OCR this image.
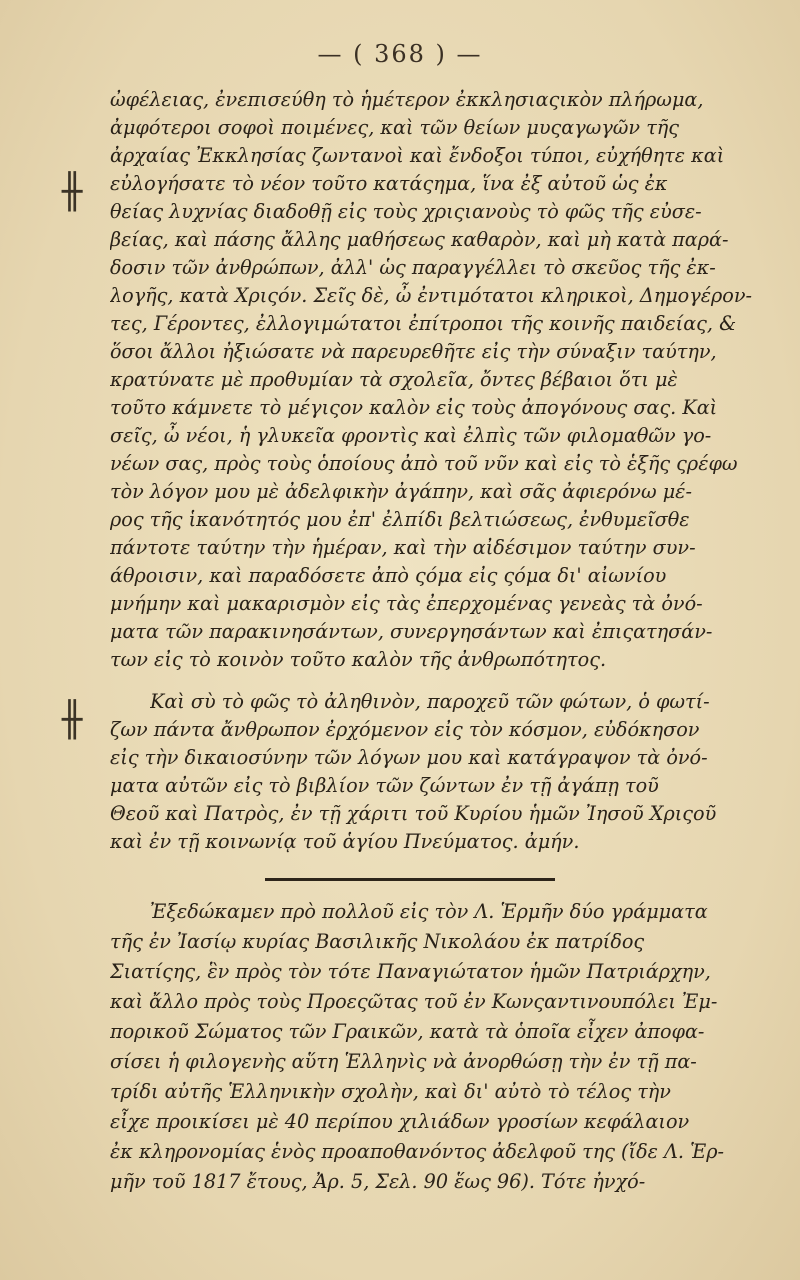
— ( 368 ) —
╫
╫
ὠφέλειας, ἐνεπισεύθη τὸ ἡμέτερον ἐκκλησιαςικὸν πλήρωμα,
ἀμφότεροι σοφοὶ ποιμένες, καὶ τῶν θείων μυςαγωγῶν τῆς
ἀρχαίας Ἐκκλησίας ζωντανοὶ καὶ ἔνδοξοι τύποι, εὐχήθητε καὶ
εὐλογήσατε τὸ νέον τοῦτο κατάςημα, ἵνα ἐξ αὐτοῦ ὡς ἐκ
θείας λυχνίας διαδοθῇ εἰς τοὺς χριςιανοὺς τὸ φῶς τῆς εὐσε-
βείας, καὶ πάσης ἄλλης μαθήσεως καθαρὸν, καὶ μὴ κατὰ παρά-
δοσιν τῶν ἀνθρώπων, ἀλλ' ὡς παραγγέλλει τὸ σκεῦος τῆς ἐκ-
λογῆς, κατὰ Χριςόν. Σεῖς δὲ, ὦ ἐντιμότατοι κληρικοὶ, Δημογέρον-
τες, Γέροντες, ἐλλογιμώτατοι ἐπίτροποι τῆς κοινῆς παιδείας, &
ὅσοι ἄλλοι ἠξιώσατε νὰ παρευρεθῆτε εἰς τὴν σύναξιν ταύτην,
κρατύνατε μὲ προθυμίαν τὰ σχολεῖα, ὄντες βέβαιοι ὅτι μὲ
τοῦτο κάμνετε τὸ μέγιςον καλὸν εἰς τοὺς ἀπογόνους σας. Καὶ
σεῖς, ὦ νέοι, ἡ γλυκεῖα φροντὶς καὶ ἐλπὶς τῶν φιλομαθῶν γο-
νέων σας, πρὸς τοὺς ὁποίους ἀπὸ τοῦ νῦν καὶ εἰς τὸ ἑξῆς ςρέφω
τὸν λόγον μου μὲ ἀδελφικὴν ἀγάπην, καὶ σᾶς ἀφιερόνω μέ-
ρος τῆς ἱκανότητός μου ἐπ' ἐλπίδι βελτιώσεως, ἐνθυμεῖσθε
πάντοτε ταύτην τὴν ἡμέραν, καὶ τὴν αἰδέσιμον ταύτην συν-
άθροισιν, καὶ παραδόσετε ἀπὸ ςόμα εἰς ςόμα δι' αἰωνίου
μνήμην καὶ μακαρισμὸν εἰς τὰς ἐπερχομένας γενεὰς τὰ ὀνό-
ματα τῶν παρακινησάντων, συνεργησάντων καὶ ἐπιςατησάν-
των εἰς τὸ κοινὸν τοῦτο καλὸν τῆς ἀνθρωπότητος.
Καὶ σὺ τὸ φῶς τὸ ἀληθινὸν, παροχεῦ τῶν φώτων, ὁ φωτί-
ζων πάντα ἄνθρωπον ἐρχόμενον εἰς τὸν κόσμον, εὐδόκησον
εἰς τὴν δικαιοσύνην τῶν λόγων μου καὶ κατάγραψον τὰ ὀνό-
ματα αὐτῶν εἰς τὸ βιβλίον τῶν ζώντων ἐν τῇ ἀγάπῃ τοῦ
Θεοῦ καὶ Πατρὸς, ἐν τῇ χάριτι τοῦ Κυρίου ἡμῶν Ἰησοῦ Χριςοῦ
καὶ ἐν τῇ κοινωνίᾳ τοῦ ἁγίου Πνεύματος. ἀμήν.
Ἐξεδώκαμεν πρὸ πολλοῦ εἰς τὸν Λ. Ἑρμῆν δύο γράμματα
τῆς ἐν Ἰασίῳ κυρίας Βασιλικῆς Νικολάου ἐκ πατρίδος
Σιατίςης, ἓν πρὸς τὸν τότε Παναγιώτατον ἡμῶν Πατριάρχην,
καὶ ἄλλο πρὸς τοὺς Προεςῶτας τοῦ ἐν Κωνςαντινουπόλει Ἐμ-
πορικοῦ Σώματος τῶν Γραικῶν, κατὰ τὰ ὁποῖα εἶχεν ἀποφα-
σίσει ἡ φιλογενὴς αὕτη Ἑλληνὶς νὰ ἀνορθώσῃ τὴν ἐν τῇ πα-
τρίδι αὐτῆς Ἑλληνικὴν σχολὴν, καὶ δι' αὐτὸ τὸ τέλος τὴν
εἶχε προικίσει μὲ 40 περίπου χιλιάδων γροσίων κεφάλαιον
ἐκ κληρονομίας ἑνὸς προαποθανόντος ἀδελφοῦ της (ἴδε Λ. Ἑρ-
μῆν τοῦ 1817 ἔτους, Ἀρ. 5, Σελ. 90 ἕως 96). Τότε ἠνχό-
